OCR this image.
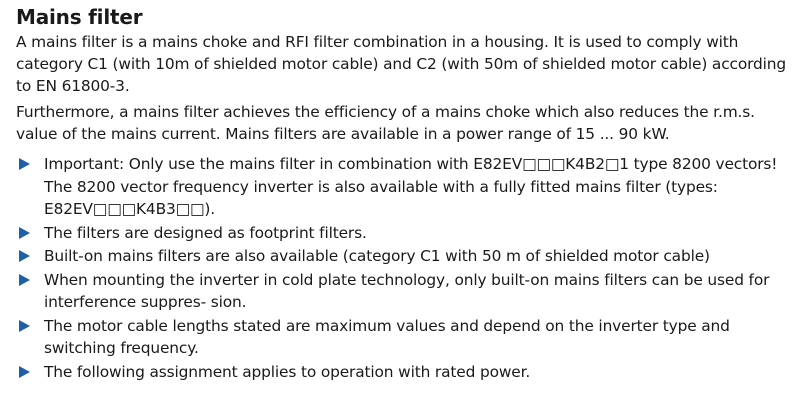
Mains filter

A mains filter is a mains choke and RFI filter combination in a housing. It is used to comply with category C1 (with 10m of shielded motor cable) and C2 (with 50m of shielded motor cable) according to EN 61800-3.

Furthermore, a mains filter achieves the efficiency of a mains choke which also reduces the r.m.s. value of the mains current. Mains filters are available in a power range of 15 ... 90 kW.

Important: Only use the mains filter in combination with E82EV□□□K4B2□1 type 8200 vectors! The 8200 vector frequency inverter is also available with a fully fitted mains filter (types: E82EV□□□K4B3□□).
The filters are designed as footprint filters.
Built-on mains filters are also available (category C1 with 50 m of shielded motor cable)
When mounting the inverter in cold plate technology, only built-on mains filters can be used for interference suppres- sion.
The motor cable lengths stated are maximum values and depend on the inverter type and switching frequency.
The following assignment applies to operation with rated power.
